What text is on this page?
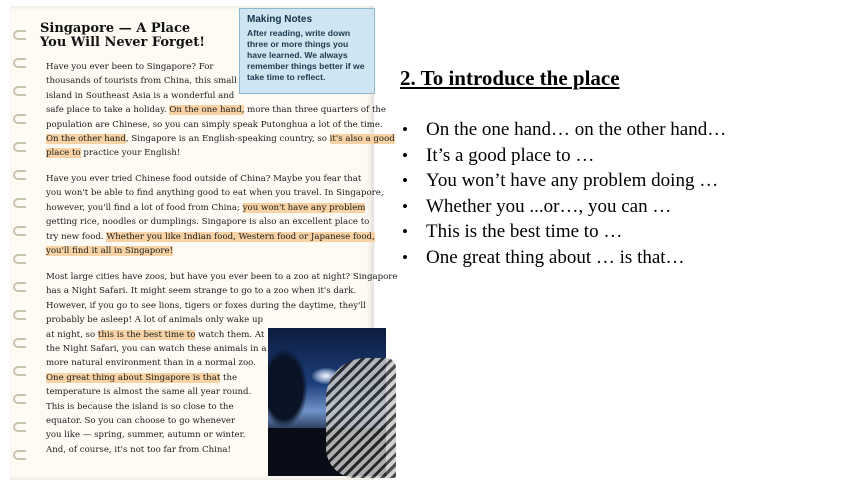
Singapore — A Place You Will Never Forget!
Making Notes
After reading, write down three or more things you have learned. We always remember things better if we take time to reflect.
Have you ever been to Singapore? For
thousands of tourists from China, this small
island in Southeast Asia is a wonderful and
safe place to take a holiday. On the one hand, more than three quarters of the
population are Chinese, so you can simply speak Putonghua a lot of the time.
On the other hand, Singapore is an English-speaking country, so it's also a good
place to practice your English!
Have you ever tried Chinese food outside of China? Maybe you fear that
you won't be able to find anything good to eat when you travel. In Singapore,
however, you'll find a lot of food from China; you won't have any problem
getting rice, noodles or dumplings. Singapore is also an excellent place to
try new food. Whether you like Indian food, Western food or Japanese food,
you'll find it all in Singapore!
Most large cities have zoos, but have you ever been to a zoo at night? Singapore
has a Night Safari. It might seem strange to go to a zoo when it's dark.
However, if you go to see lions, tigers or foxes during the daytime, they'll
probably be asleep! A lot of animals only wake up
at night, so this is the best time to watch them. At
the Night Safari, you can watch these animals in a
more natural environment than in a normal zoo.
One great thing about Singapore is that the
temperature is almost the same all year round.
This is because the island is so close to the
equator. So you can choose to go whenever
you like — spring, summer, autumn or winter.
And, of course, it's not too far from China!
2. To introduce the place
• On the one hand… on the other hand…
• It’s a good place to …
• You won’t have any problem doing …
• Whether you ...or…, you can …
• This is the best time to …
• One great thing about … is that…
